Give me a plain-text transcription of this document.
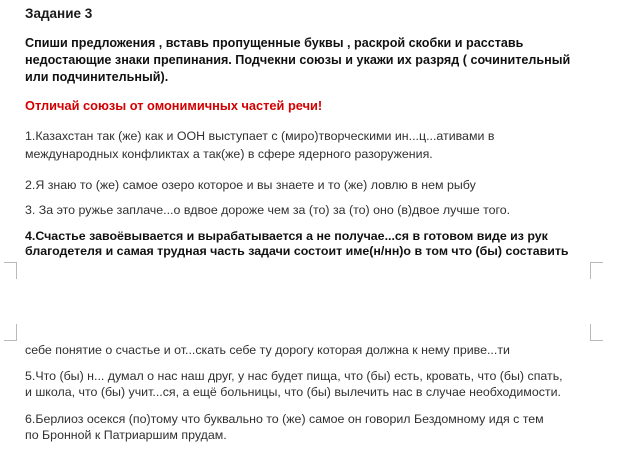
Задание 3
Спиши предложения , вставь пропущенные буквы , раскрой скобки и расставь
недостающие знаки препинания. Подчекни союзы и укажи их разряд ( сочинительный
или подчинительный).
Отличай союзы от омонимичных частей речи!
1.Казахстан так (же) как и ООН выступает с (миро)творческими ин...ц...ативами в
международных конфликтах а так(же) в сфере ядерного разоружения.
2.Я знаю то (же) самое озеро которое и вы знаете и то (же) ловлю в нем рыбу
3. За это ружье заплаче...о вдвое дороже чем за (то) за (то) оно (в)двое лучше того.
4.Счастье завоёвывается и вырабатывается а не получае...ся в готовом виде из рук
благодетеля и самая трудная часть задачи состоит име(н/нн)о в том что (бы) составить
себе понятие о счастье и от...скать себе ту дорогу которая должна к нему приве...ти
5.Что (бы) н... думал о нас наш друг, у нас будет пища, что (бы) есть, кровать, что (бы) спать,
и школа, что (бы) учит...ся, а ещё больницы, что (бы) вылечить нас в случае необходимости.
6.Берлиоз осекся (по)тому что буквально то (же) самое он говорил Бездомному идя с тем
по Бронной к Патриаршим прудам.
